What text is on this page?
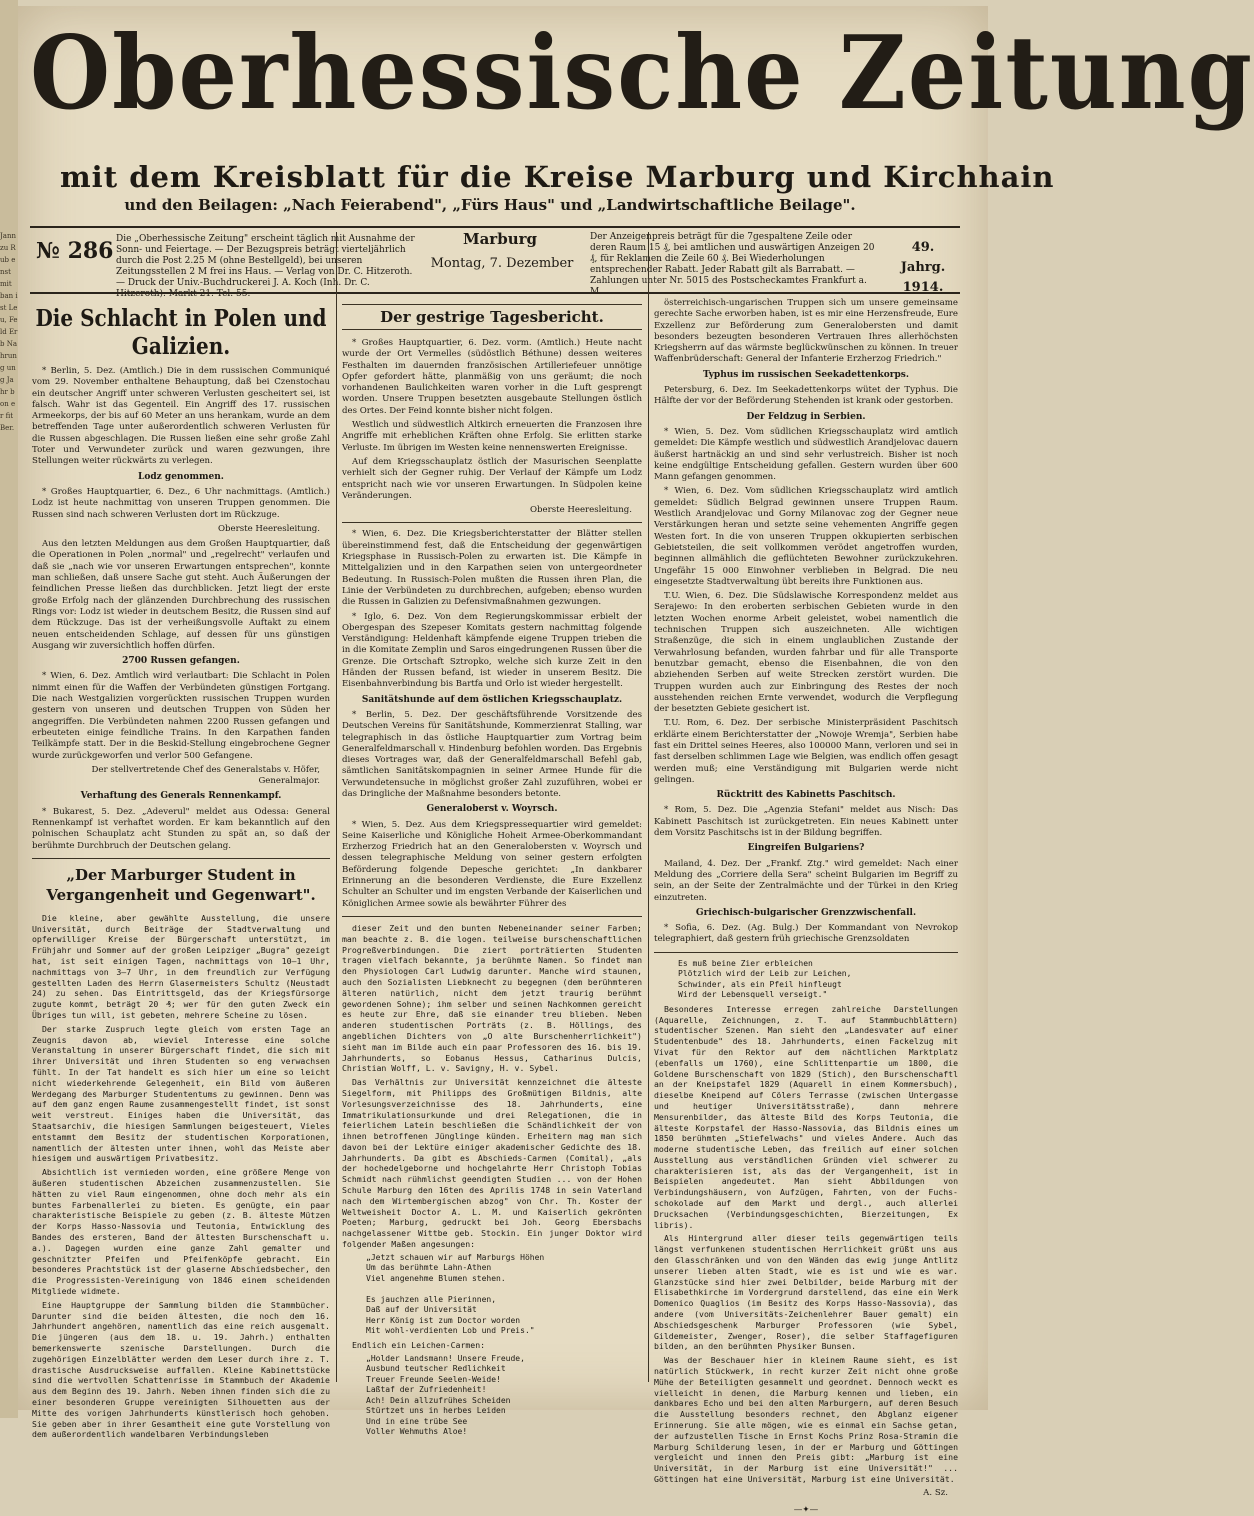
Jann zu Rub enst mit ban ist Leu, Feld Erb Nahrung ung Jahr bon er fit Ber.
Oberhessische Zeitung
mit dem Kreisblatt für die Kreise Marburg und Kirchhain
und den Beilagen: „Nach Feierabend", „Fürs Haus" und „Landwirtschaftliche Beilage".
№ 286 Die „Oberhessische Zeitung" erscheint täglich mit Ausnahme der Sonn- und Feiertage. — Der Bezugspreis beträgt vierteljährlich durch die Post 2.25 M (ohne Bestellgeld), bei unseren Zeitungsstellen 2 M frei ins Haus. — Verlag von Dr. C. Hitzeroth. — Druck der Univ.-Buchdruckerei J. A. Koch (Inh. Dr. C. Hitzeroth). Markt 21. Tel. 55.
Marburg
Montag, 7. Dezember
Der Anzeigenpreis beträgt für die 7gespaltene Zeile oder deren Raum 15 ₰, bei amtlichen und auswärtigen Anzeigen 20 ₰, für Reklamen die Zeile 60 ₰. Bei Wiederholungen entsprechender Rabatt. Jeder Rabatt gilt als Barrabatt. — Zahlungen unter Nr. 5015 des Postscheckamtes Frankfurt a. M.
49. Jahrg.
1914.
Die Schlacht in Polen und Galizien.

* Berlin, 5. Dez. (Amtlich.) Die in dem russischen Communiqué vom 29. November enthaltene Behauptung, daß bei Czenstochau ein deutscher Angriff unter schweren Verlusten gescheitert sei, ist falsch. Wahr ist das Gegenteil. Ein Angriff des 17. russischen Armeekorps, der bis auf 60 Meter an uns herankam, wurde an dem betreffenden Tage unter außerordentlich schweren Verlusten für die Russen abgeschlagen. Die Russen ließen eine sehr große Zahl Toter und Verwundeter zurück und waren gezwungen, ihre Stellungen weiter rückwärts zu verlegen.

Lodz genommen.

* Großes Hauptquartier, 6. Dez., 6 Uhr nachmittags. (Amtlich.) Lodz ist heute nachmittag von unseren Truppen genommen. Die Russen sind nach schweren Verlusten dort im Rückzuge.

Oberste Heeresleitung.

Aus den letzten Meldungen aus dem Großen Hauptquartier, daß die Operationen in Polen „normal" und „regelrecht" verlaufen und daß sie „nach wie vor unseren Erwartungen entsprechen", konnte man schließen, daß unsere Sache gut steht. Auch Äußerungen der feindlichen Presse ließen das durchblicken. Jetzt liegt der erste große Erfolg nach der glänzenden Durchbrechung des russischen Rings vor: Lodz ist wieder in deutschem Besitz, die Russen sind auf dem Rückzuge. Das ist der verheißungsvolle Auftakt zu einem neuen entscheidenden Schlage, auf dessen für uns günstigen Ausgang wir zuversichtlich hoffen dürfen.

2700 Russen gefangen.

* Wien, 6. Dez. Amtlich wird verlautbart: Die Schlacht in Polen nimmt einen für die Waffen der Verbündeten günstigen Fortgang. Die nach Westgalizien vorgerückten russischen Truppen wurden gestern von unseren und deutschen Truppen von Süden her angegriffen. Die Verbündeten nahmen 2200 Russen gefangen und erbeuteten einige feindliche Trains. In den Karpathen fanden Teilkämpfe statt. Der in die Beskid-Stellung eingebrochene Gegner wurde zurückgeworfen und verlor 500 Gefangene.

Der stellvertretende Chef des Generalstabs v. Höfer, Generalmajor.
Verhaftung des Generals Rennenkampf.

* Bukarest, 5. Dez. „Adeverul" meldet aus Odessa: General Rennenkampf ist verhaftet worden. Er kam bekanntlich auf den polnischen Schauplatz acht Stunden zu spät an, so daß der berühmte Durchbruch der Deutschen gelang.

„Der Marburger Student in Vergangenheit und Gegenwart".

Die kleine, aber gewählte Ausstellung, die unsere Universität, durch Beiträge der Stadtverwaltung und opferwilliger Kreise der Bürgerschaft unterstützt, im Frühjahr und Sommer auf der großen Leipziger „Bugra" gezeigt hat, ist seit einigen Tagen, nachmittags von 10—1 Uhr, nachmittags von 3—7 Uhr, in dem freundlich zur Verfügung gestellten Laden des Herrn Glasermeisters Schultz (Neustadt 24) zu sehen. Das Eintrittsgeld, das der Kriegsfürsorge zugute kommt, beträgt 20 ₰; wer für den guten Zweck ein Übriges tun will, ist gebeten, mehrere Scheine zu lösen.

Der starke Zuspruch legte gleich vom ersten Tage an Zeugnis davon ab, wieviel Interesse eine solche Veranstaltung in unserer Bürgerschaft findet, die sich mit ihrer Universität und ihren Studenten so eng verwachsen fühlt. In der Tat handelt es sich hier um eine so leicht nicht wiederkehrende Gelegenheit, ein Bild vom äußeren Werdegang des Marburger Studententums zu gewinnen. Denn was auf dem ganz engen Raume zusammengestellt findet, ist sonst weit verstreut. Einiges haben die Universität, das Staatsarchiv, die hiesigen Sammlungen beigesteuert, Vieles entstammt dem Besitz der studentischen Korporationen, namentlich der ältesten unter ihnen, wohl das Meiste aber hiesigem und auswärtigem Privatbesitz.

Absichtlich ist vermieden worden, eine größere Menge von äußeren studentischen Abzeichen zusammenzustellen. Sie hätten zu viel Raum eingenommen, ohne doch mehr als ein buntes Farbenallerlei zu bieten. Es genügte, ein paar charakteristische Beispiele zu geben (z. B. älteste Mützen der Korps Hasso-Nassovia und Teutonia, Entwicklung des Bandes des ersteren, Band der ältesten Burschenschaft u. a.). Dagegen wurden eine ganze Zahl gemalter und geschnitzter Pfeifen und Pfeifenköpfe gebracht. Ein besonderes Prachtstück ist der glaserne Abschiedsbecher, den die Progressisten-Vereinigung von 1846 einem scheidenden Mitgliede widmete.

Eine Hauptgruppe der Sammlung bilden die Stammbücher. Darunter sind die beiden ältesten, die noch dem 16. Jahrhundert angehören, namentlich das eine reich ausgemalt. Die jüngeren (aus dem 18. u. 19. Jahrh.) enthalten bemerkenswerte szenische Darstellungen. Durch die zugehörigen Einzelblätter werden dem Leser durch ihre z. T. drastische Ausdrucksweise auffallen. Kleine Kabinettstücke sind die wertvollen Schattenrisse im Stammbuch der Akademie aus dem Beginn des 19. Jahrh. Neben ihnen finden sich die zu einer besonderen Gruppe vereinigten Silhouetten aus der Mitte des vorigen Jahrhunderts künstlerisch hoch gehoben. Sie geben aber in ihrer Gesamtheit eine gute Vorstellung von dem außerordentlich wandelbaren Verbindungsleben

Der gestrige Tagesbericht.

* Großes Hauptquartier, 6. Dez. vorm. (Amtlich.) Heute nacht wurde der Ort Vermelles (südöstlich Béthune) dessen weiteres Festhalten im dauernden französischen Artilleriefeuer unnötige Opfer gefordert hätte, planmäßig von uns geräumt; die noch vorhandenen Baulichkeiten waren vorher in die Luft gesprengt worden. Unsere Truppen besetzten ausgebaute Stellungen östlich des Ortes. Der Feind konnte bisher nicht folgen.

Westlich und südwestlich Altkirch erneuerten die Franzosen ihre Angriffe mit erheblichen Kräften ohne Erfolg. Sie erlitten starke Verluste. Im übrigen im Westen keine nennenswerten Ereignisse.

Auf dem Kriegsschauplatz östlich der Masurischen Seenplatte verhielt sich der Gegner ruhig. Der Verlauf der Kämpfe um Lodz entspricht nach wie vor unseren Erwartungen. In Südpolen keine Veränderungen.

Oberste Heeresleitung.

* Wien, 6. Dez. Die Kriegsberichterstatter der Blätter stellen übereinstimmend fest, daß die Entscheidung der gegenwärtigen Kriegsphase in Russisch-Polen zu erwarten ist. Die Kämpfe in Mittelgalizien und in den Karpathen seien von untergeordneter Bedeutung. In Russisch-Polen mußten die Russen ihren Plan, die Linie der Verbündeten zu durchbrechen, aufgeben; ebenso wurden die Russen in Galizien zu Defensivmaßnahmen gezwungen.

* Iglo, 6. Dez. Von dem Regierungskommissar erbielt der Obergespan des Szepeser Komitats gestern nachmittag folgende Verständigung: Heldenhaft kämpfende eigene Truppen trieben die in die Komitate Zemplin und Saros eingedrungenen Russen über die Grenze. Die Ortschaft Sztropko, welche sich kurze Zeit in den Händen der Russen befand, ist wieder in unserem Besitz. Die Eisenbahnverbindung bis Bartfa und Orlo ist wieder hergestellt.

Sanitätshunde auf dem östlichen Kriegsschauplatz.

* Berlin, 5. Dez. Der geschäftsführende Vorsitzende des Deutschen Vereins für Sanitätshunde, Kommerzienrat Stalling, war telegraphisch in das östliche Hauptquartier zum Vortrag beim Generalfeldmarschall v. Hindenburg befohlen worden. Das Ergebnis dieses Vortrages war, daß der Generalfeldmarschall Befehl gab, sämtlichen Sanitätskompagnien in seiner Armee Hunde für die Verwundetensuche in möglichst großer Zahl zuzuführen, wobei er das Dringliche der Maßnahme besonders betonte.

Generaloberst v. Woyrsch.

* Wien, 5. Dez. Aus dem Kriegspressequartier wird gemeldet: Seine Kaiserliche und Königliche Hoheit Armee-Oberkommandant Erzherzog Friedrich hat an den Generalobersten v. Woyrsch und dessen telegraphische Meldung von seiner gestern erfolgten Beförderung folgende Depesche gerichtet: „In dankbarer Erinnerung an die besonderen Verdienste, die Eure Exzellenz Schulter an Schulter und im engsten Verbande der Kaiserlichen und Königlichen Armee sowie als bewährter Führer des

dieser Zeit und den bunten Nebeneinander seiner Farben; man beachte z. B. die logen. teilweise burschenschaftlichen Progreßverbindungen. Die ziert porträtierten Studenten tragen vielfach bekannte, ja berühmte Namen. So findet man den Physiologen Carl Ludwig darunter. Manche wird staunen, auch den Sozialisten Liebknecht zu begegnen (dem berühmteren älteren natürlich, nicht dem jetzt traurig berühmt gewordenen Sohne); ihm selber und seinen Nachkommen gereicht es heute zur Ehre, daß sie einander treu blieben. Neben anderen studentischen Porträts (z. B. Höllings, des angeblichen Dichters von „O alte Burschenherrlichkeit") sieht man im Bilde auch ein paar Professoren des 16. bis 19. Jahrhunderts, so Eobanus Hessus, Catharinus Dulcis, Christian Wolff, L. v. Savigny, H. v. Sybel.

Das Verhältnis zur Universität kennzeichnet die älteste Siegelform, mit Philipps des Großmütigen Bildnis, alte Vorlesungsverzeichnisse des 18. Jahrhunderts, eine Immatrikulationsurkunde und drei Relegationen, die in feierlichem Latein beschließen die Schändlichkeit der von ihnen betroffenen Jünglinge künden. Erheitern mag man sich davon bei der Lektüre einiger akademischer Gedichte des 18. Jahrhunderts. Da gibt es Abschieds-Carmen (Comital), „als der hochedelgeborne und hochgelahrte Herr Christoph Tobias Schmidt nach rühmlichst geendigten Studien ... von der Hohen Schule Marburg den 16ten des Aprilis 1748 in sein Vaterland nach dem Wirtembergischen abzog" von Chr. Th. Koster der Weltweisheit Doctor A. L. M. und Kaiserlich gekrönten Poeten; Marburg, gedruckt bei Joh. Georg Ebersbachs nachgelassener Wittbe geb. Stockin. Ein junger Doktor wird folgender Maßen angesungen:

„Jetzt schauen wir auf Marburgs Höhen
Um das berühmte Lahn-Athen
Viel angenehme Blumen stehen.

Es jauchzen alle Pierinnen,
Daß auf der Universität
Herr König ist zum Doctor worden
Mit wohl-verdienten Lob und Preis."

Endlich ein Leichen-Carmen:

„Holder Landsmann! Unsere Freude,
Ausbund teutscher Redlichkeit
Treuer Freunde Seelen-Weide!
Laßtaf der Zufriedenheit!
Ach! Dein allzufrühes Scheiden
Stürtzet uns in herbes Leiden
Und in eine trübe See
Voller Wehmuths Aloe!

österreichisch-ungarischen Truppen sich um unsere gemeinsame gerechte Sache erworben haben, ist es mir eine Herzensfreude, Eure Exzellenz zur Beförderung zum Generalobersten und damit besonders bezeugten besonderen Vertrauen Ihres allerhöchsten Kriegsherrn auf das wärmste beglückwünschen zu können. In treuer Waffenbrüderschaft: General der Infanterie Erzherzog Friedrich."

Typhus im russischen Seekadettenkorps.

Petersburg, 6. Dez. Im Seekadettenkorps wütet der Typhus. Die Hälfte der vor der Beförderung Stehenden ist krank oder gestorben.

Der Feldzug in Serbien.

* Wien, 5. Dez. Vom südlichen Kriegsschauplatz wird amtlich gemeldet: Die Kämpfe westlich und südwestlich Arandjelovac dauern äußerst hartnäckig an und sind sehr verlustreich. Bisher ist noch keine endgültige Entscheidung gefallen. Gestern wurden über 600 Mann gefangen genommen.

* Wien, 6. Dez. Vom südlichen Kriegsschauplatz wird amtlich gemeldet: Südlich Belgrad gewinnen unsere Truppen Raum. Westlich Arandjelovac und Gorny Milanovac zog der Gegner neue Verstärkungen heran und setzte seine vehementen Angriffe gegen Westen fort. In die von unseren Truppen okkupierten serbischen Gebietsteilen, die seit vollkommen verödet angetroffen wurden, beginnen allmählich die geflüchteten Bewohner zurückzukehren. Ungefähr 15 000 Einwohner verblieben in Belgrad. Die neu eingesetzte Stadtverwaltung übt bereits ihre Funktionen aus.

T.U. Wien, 6. Dez. Die Südslawische Korrespondenz meldet aus Serajewo: In den eroberten serbischen Gebieten wurde in den letzten Wochen enorme Arbeit geleistet, wobei namentlich die technischen Truppen sich auszeichneten. Alle wichtigen Straßenzüge, die sich in einem unglaublichen Zustande der Verwahrlosung befanden, wurden fahrbar und für alle Transporte benutzbar gemacht, ebenso die Eisenbahnen, die von den abziehenden Serben auf weite Strecken zerstört wurden. Die Truppen wurden auch zur Einbringung des Restes der noch ausstehenden reichen Ernte verwendet, wodurch die Verpflegung der besetzten Gebiete gesichert ist.

T.U. Rom, 6. Dez. Der serbische Ministerpräsident Paschitsch erklärte einem Berichterstatter der „Nowoje Wremja", Serbien habe fast ein Drittel seines Heeres, also 100000 Mann, verloren und sei in fast derselben schlimmen Lage wie Belgien, was endlich offen gesagt werden muß; eine Verständigung mit Bulgarien werde nicht gelingen.

Rücktritt des Kabinetts Paschitsch.

* Rom, 5. Dez. Die „Agenzia Stefani" meldet aus Nisch: Das Kabinett Paschitsch ist zurückgetreten. Ein neues Kabinett unter dem Vorsitz Paschitschs ist in der Bildung begriffen.

Eingreifen Bulgariens?

Mailand, 4. Dez. Der „Frankf. Ztg." wird gemeldet: Nach einer Meldung des „Corriere della Sera" scheint Bulgarien im Begriff zu sein, an der Seite der Zentralmächte und der Türkei in den Krieg einzutreten.

Griechisch-bulgarischer Grenzzwischenfall.

* Sofia, 6. Dez. (Ag. Bulg.) Der Kommandant von Nevrokop telegraphiert, daß gestern früh griechische Grenzsoldaten

Es muß beine Zier erbleichen
Plötzlich wird der Leib zur Leichen,
Schwinder, als ein Pfeil hinfleugt
Wird der Lebensquell verseigt."

Besonderes Interesse erregen zahlreiche Darstellungen (Aquarelle, Zeichnungen, z. T. auf Stammbuchblättern) studentischer Szenen. Man sieht den „Landesvater auf einer Studentenbude" des 18. Jahrhunderts, einen Fackelzug mit Vivat für den Rektor auf dem nächtlichen Marktplatz (ebenfalls um 1760), eine Schlittenpartie um 1800, die Goldene Burschenschaft von 1829 (Stich), den Burschenschaftl an der Kneipstafel 1829 (Aquarell in einem Kommersbuch), dieselbe Kneipend auf Cölers Terrasse (zwischen Untergasse und heutiger Universitätsstraße), dann mehrere Mensurenbilder, das älteste Bild des Korps Teutonia, die älteste Korpstafel der Hasso-Nassovia, das Bildnis eines um 1850 berühmten „Stiefelwachs" und vieles Andere. Auch das moderne studentische Leben, das freilich auf einer solchen Ausstellung aus verständlichen Gründen viel schwerer zu charakterisieren ist, als das der Vergangenheit, ist in Beispielen angedeutet. Man sieht Abbildungen von Verbindungshäusern, von Aufzügen, Fahrten, von der Fuchs-schokolade auf dem Markt und dergl., auch allerlei Drucksachen (Verbindungsgeschichten, Bierzeitungen, Ex libris).

Als Hintergrund aller dieser teils gegenwärtigen teils längst verfunkenen studentischen Herrlichkeit grüßt uns aus den Glasschränken und von den Wänden das ewig junge Antlitz unserer lieben alten Stadt, wie es ist und wie es war. Glanzstücke sind hier zwei Delbilder, beide Marburg mit der Elisabethkirche im Vordergrund darstellend, das eine ein Werk Domenico Quaglios (im Besitz des Korps Hasso-Nassovia), das andere (vom Universitäts-Zeichenlehrer Bauer gemalt) ein Abschiedsgeschenk Marburger Professoren (wie Sybel, Gildemeister, Zwenger, Roser), die selber Staffagefiguren bilden, an den berühmten Physiker Bunsen.

Was der Beschauer hier in kleinem Raume sieht, es ist natürlich Stückwerk, in recht kurzer Zeit nicht ohne große Mühe der Beteiligten gesammelt und geordnet. Dennoch weckt es vielleicht in denen, die Marburg kennen und lieben, ein dankbares Echo und bei den alten Marburgern, auf deren Besuch die Ausstellung besonders rechnet, den Abglanz eigener Erinnerung. Sie alle mögen, wie es einmal ein Sachse getan, der aufzustellen Tische in Ernst Kochs Prinz Rosa-Stramin die Marburg Schilderung lesen, in der er Marburg und Göttingen vergleicht und innen den Preis gibt: „Marburg ist eine Universität, in der Marburg ist eine Universität!" ... Göttingen hat eine Universität, Marburg ist eine Universität.

A. Sz.
—✦—
